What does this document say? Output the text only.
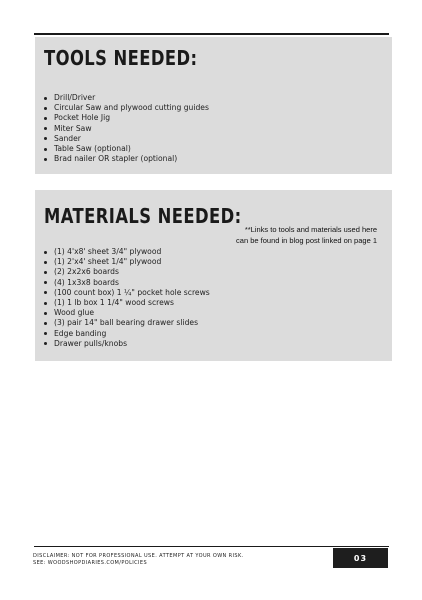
TOOLS NEEDED:
Drill/Driver
Circular Saw and plywood cutting guides
Pocket Hole Jig
Miter Saw
Sander
Table Saw (optional)
Brad nailer OR stapler (optional)
MATERIALS NEEDED:
**Links to tools and materials used here
can be found in blog post linked on page 1
(1) 4'x8' sheet 3/4" plywood
(1) 2'x4' sheet 1/4" plywood
(2) 2x2x6 boards
(4) 1x3x8 boards
(100 count box) 1 ¼" pocket hole screws
(1) 1 lb box 1 1/4" wood screws
Wood glue
(3) pair 14" ball bearing drawer slides
Edge banding
Drawer pulls/knobs
DISCLAIMER: NOT FOR PROFESSIONAL USE. ATTEMPT AT YOUR OWN RISK.
SEE: WOODSHOPDIARIES.COM/POLICIES
03
